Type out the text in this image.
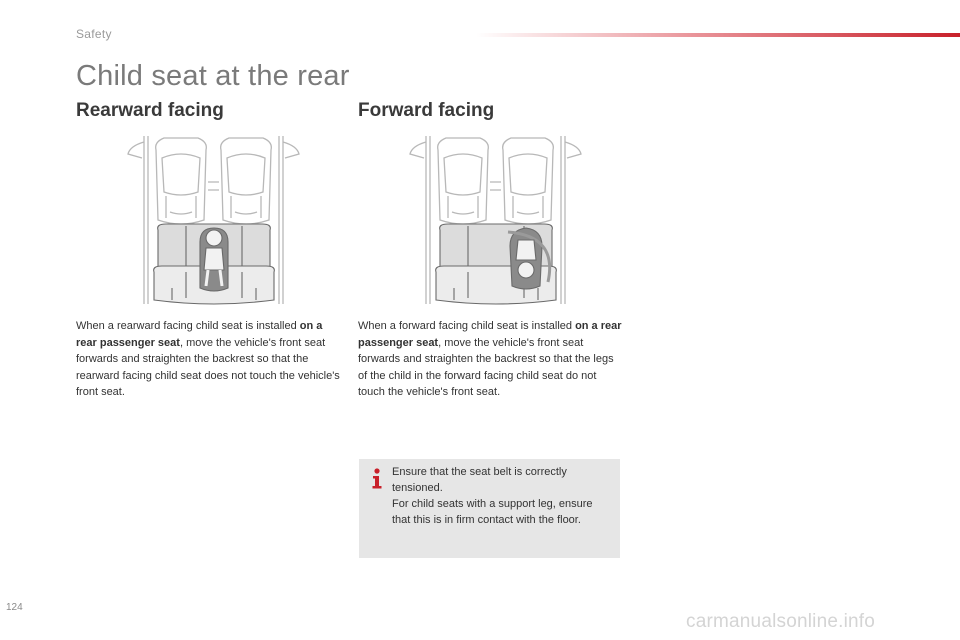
Safety
Child seat at the rear
Rearward facing
When a rearward facing child seat is installed on a rear passenger seat, move the vehicle's front seat forwards and straighten the backrest so that the rearward facing child seat does not touch the vehicle's front seat.
Forward facing
When a forward facing child seat is installed on a rear passenger seat, move the vehicle's front seat forwards and straighten the backrest so that the legs of the child in the forward facing child seat do not touch the vehicle's front seat.
Ensure that the seat belt is correctly tensioned.
For child seats with a support leg, ensure that this is in firm contact with the floor.
124
carmanualsonline.info
